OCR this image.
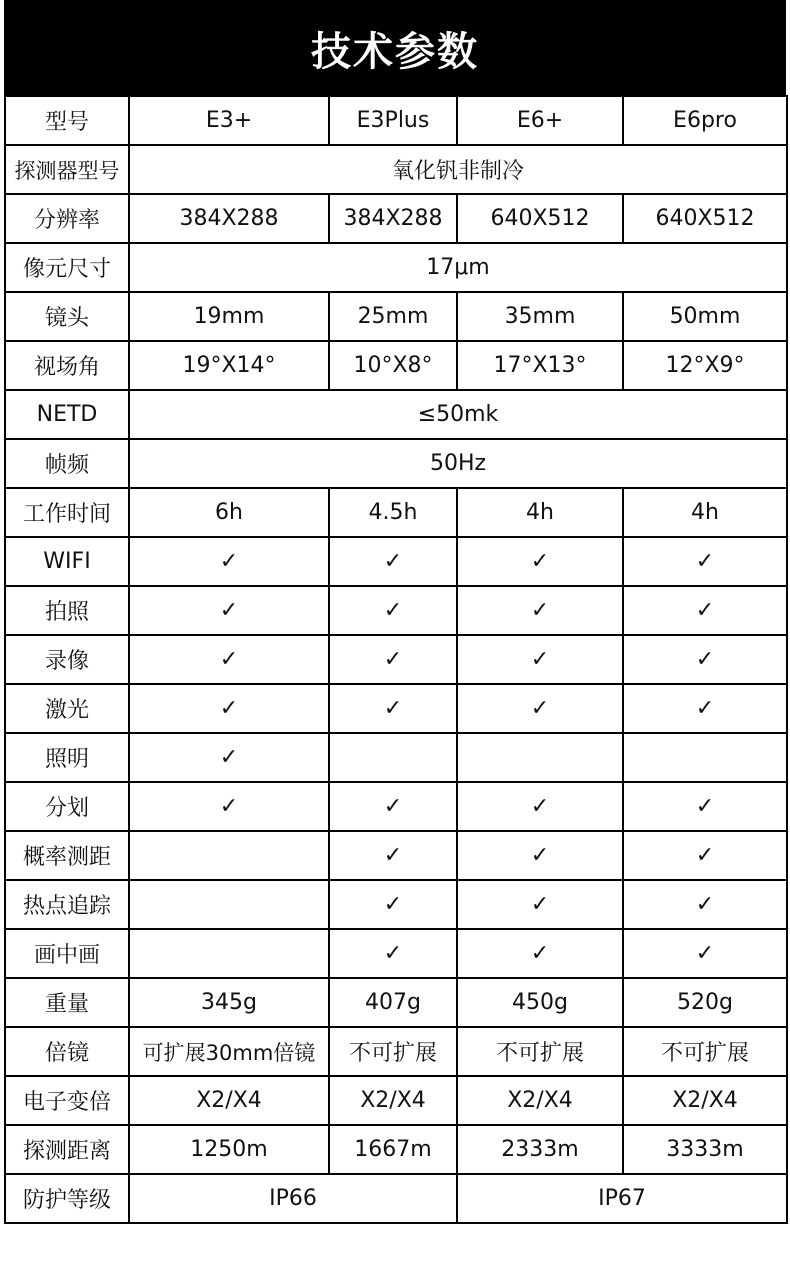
技术参数
型号	E3+	E3Plus	E6+	E6pro
探测器型号	氧化钒非制冷			
分辨率	384X288	384X288	640X512	640X512
像元尺寸	17μm			
镜头	19mm	25mm	35mm	50mm
视场角	19°X14°	10°X8°	17°X13°	12°X9°
NETD	≤50mk			
帧频	50Hz			
工作时间	6h	4.5h	4h	4h
WIFI	✓	✓	✓	✓
拍照	✓	✓	✓	✓
录像	✓	✓	✓	✓
激光	✓	✓	✓	✓
照明	✓			
分划	✓	✓	✓	✓
概率测距		✓	✓	✓
热点追踪		✓	✓	✓
画中画		✓	✓	✓
重量	345g	407g	450g	520g
倍镜	可扩展30mm倍镜	不可扩展	不可扩展	不可扩展
电子变倍	X2/X4	X2/X4	X2/X4	X2/X4
探测距离	1250m	1667m	2333m	3333m
防护等级	IP66		IP67	
